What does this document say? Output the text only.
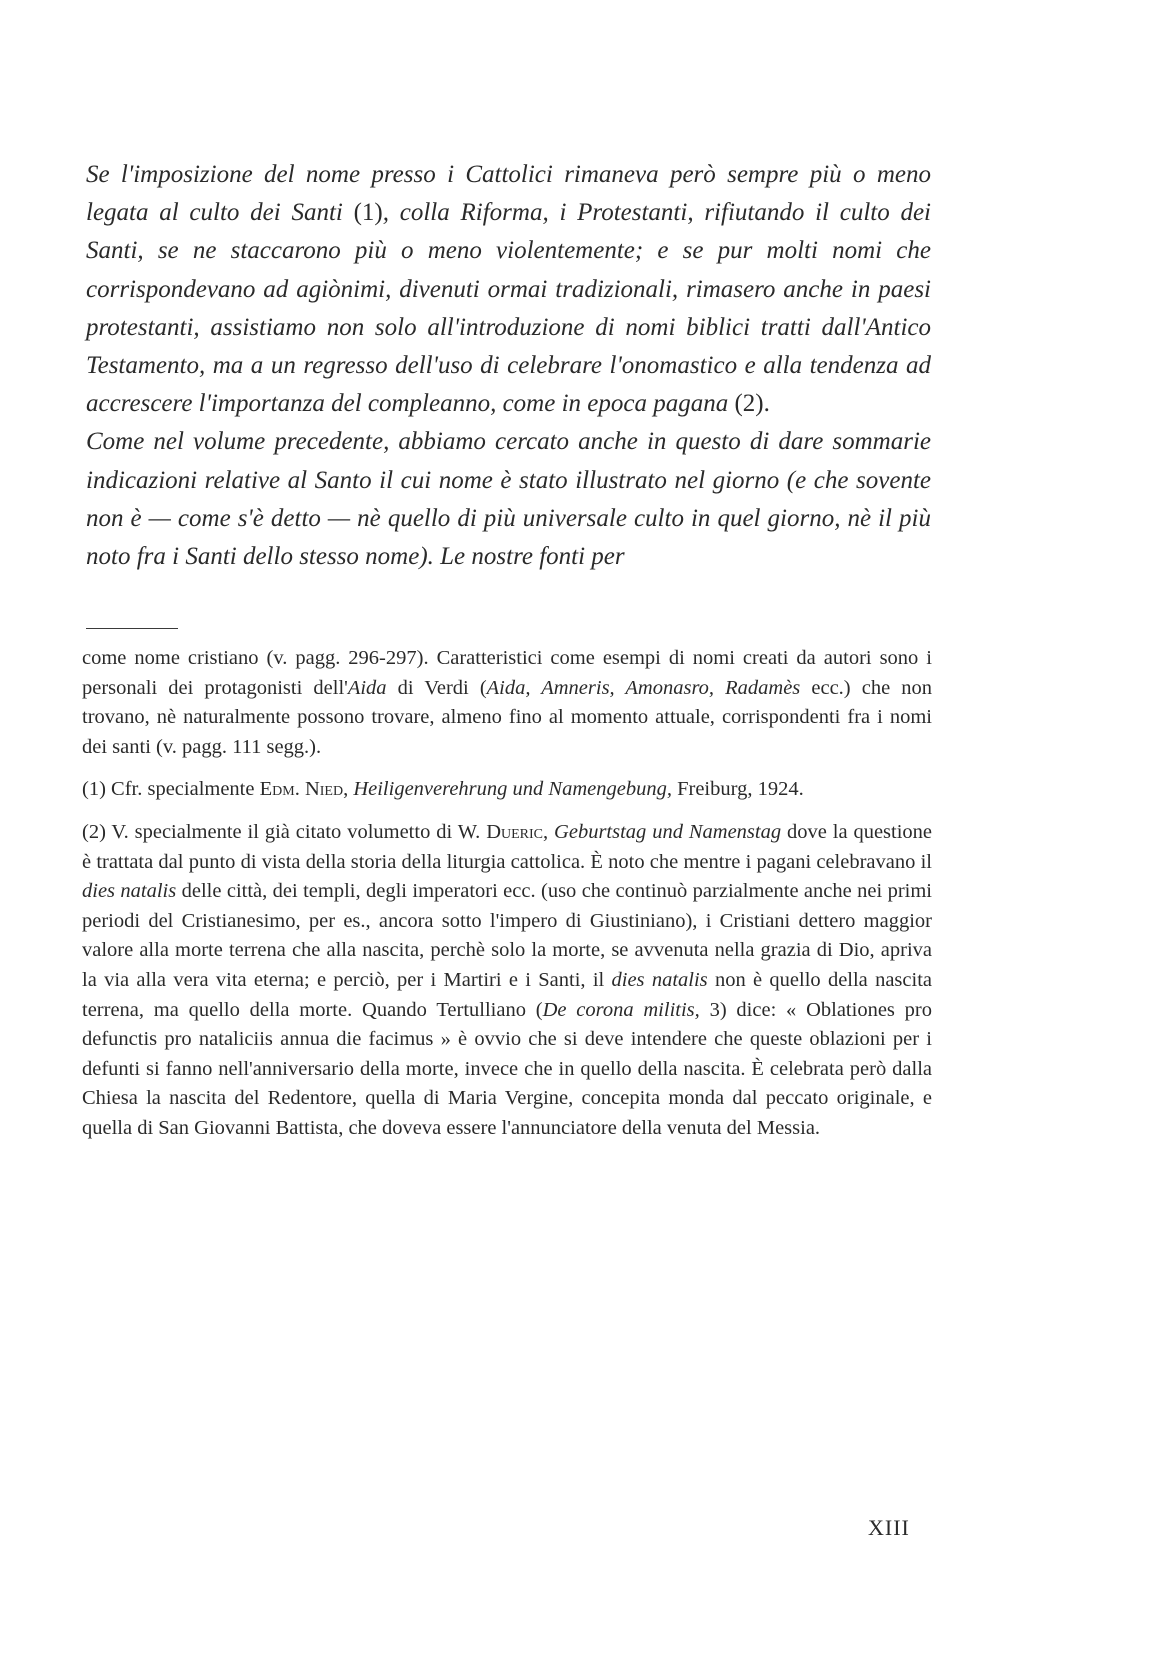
Se l'imposizione del nome presso i Cattolici rimaneva però sempre più o meno legata al culto dei Santi (1), colla Riforma, i Protestanti, rifiutando il culto dei Santi, se ne staccarono più o meno violentemente; e se pur molti nomi che corrispondevano ad agiònimi, divenuti ormai tradizionali, rimasero anche in paesi protestanti, assistiamo non solo all'introduzione di nomi biblici tratti dall'Antico Testamento, ma a un regresso dell'uso di celebrare l'onomastico e alla tendenza ad accrescere l'importanza del compleanno, come in epoca pagana (2).

Come nel volume precedente, abbiamo cercato anche in questo di dare sommarie indicazioni relative al Santo il cui nome è stato illustrato nel giorno (e che sovente non è — come s'è detto — nè quello di più universale culto in quel giorno, nè il più noto fra i Santi dello stesso nome). Le nostre fonti per

come nome cristiano (v. pagg. 296-297). Caratteristici come esempi di nomi creati da autori sono i personali dei protagonisti dell'Aida di Verdi (Aida, Amneris, Amonasro, Radamès ecc.) che non trovano, nè naturalmente possono trovare, almeno fino al momento attuale, corrispondenti fra i nomi dei santi (v. pagg. 111 segg.).

(1) Cfr. specialmente Edm. Nied, Heiligenverehrung und Namengebung, Freiburg, 1924.

(2) V. specialmente il già citato volumetto di W. Dueric, Geburtstag und Namenstag dove la questione è trattata dal punto di vista della storia della liturgia cattolica. È noto che mentre i pagani celebravano il dies natalis delle città, dei templi, degli imperatori ecc. (uso che continuò parzialmente anche nei primi periodi del Cristianesimo, per es., ancora sotto l'impero di Giustiniano), i Cristiani dettero maggior valore alla morte terrena che alla nascita, perchè solo la morte, se avvenuta nella grazia di Dio, apriva la via alla vera vita eterna; e perciò, per i Martiri e i Santi, il dies natalis non è quello della nascita terrena, ma quello della morte. Quando Tertulliano (De corona militis, 3) dice: « Oblationes pro defunctis pro nataliciis annua die facimus » è ovvio che si deve intendere che queste oblazioni per i defunti si fanno nell'anniversario della morte, invece che in quello della nascita. È celebrata però dalla Chiesa la nascita del Redentore, quella di Maria Vergine, concepita monda dal peccato originale, e quella di San Giovanni Battista, che doveva essere l'annunciatore della venuta del Messia.

XIII
